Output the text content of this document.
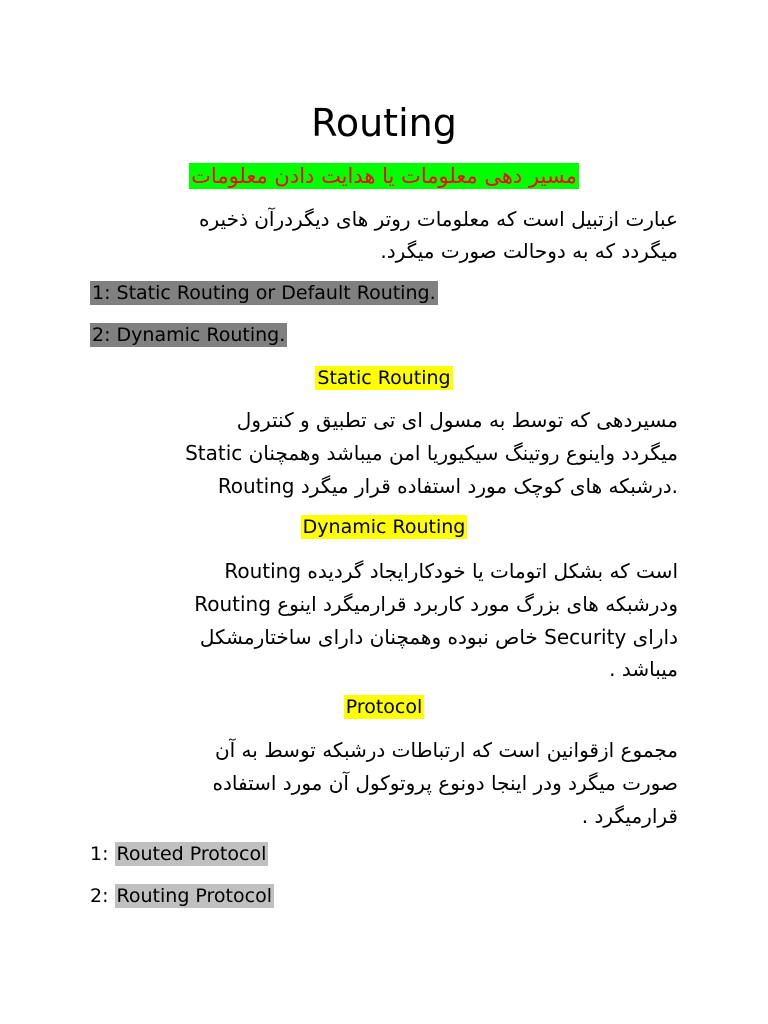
Routing
مسیر دهی معلومات یا هدایت دادن معلومات
عبارت ازتبیل است که معلومات روتر های دیگردرآن ذخیره
میگردد که به دوحالت صورت میگرد.
1: Static Routing or Default Routing.
2: Dynamic Routing.
Static Routing
مسیردهی که توسط به مسول ای تی تطبیق و کنترول
میگردد واینوع روتینگ سیکیوریا امن میباشد وهمچنان Static
Routing درشبکه های کوچک مورد استفاده قرار میگرد.
Dynamic Routing
Routing است که بشکل اتومات یا خودکارایجاد گردیده
ودرشبکه های بزرگ مورد کاربرد قرارمیگرد اینوع Routing
دارای Security خاص نبوده وهمچنان دارای ساختارمشکل
میباشد .
Protocol
مجموع ازقوانین است که ارتباطات درشبکه توسط به آن
صورت میگرد ودر اینجا دونوع پروتوکول آن مورد استفاده
قرارمیگرد .
1: Routed Protocol
2: Routing Protocol
